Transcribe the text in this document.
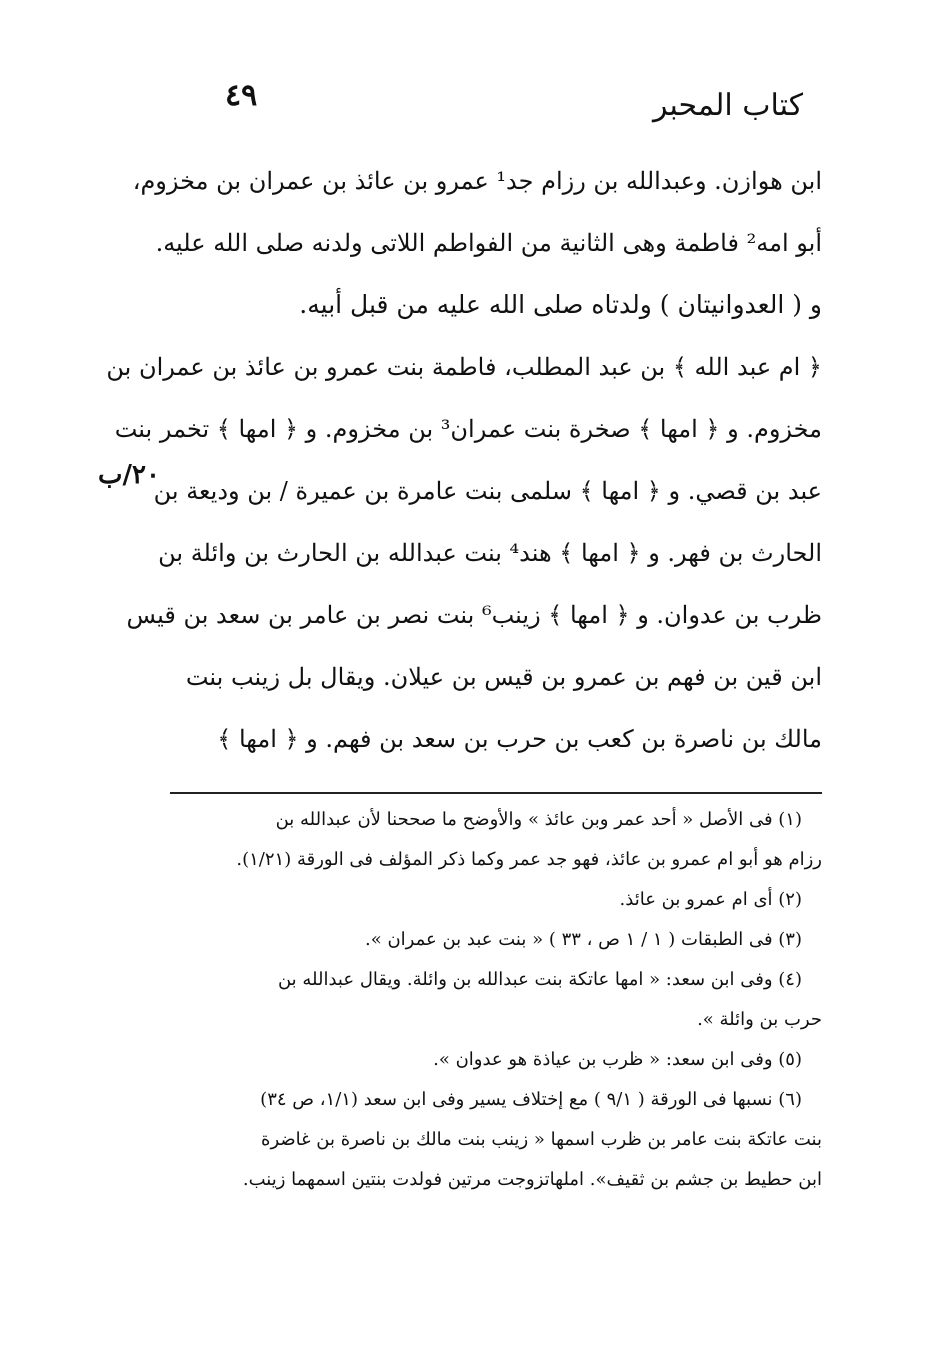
٤٩	كتاب المحبر
٢٠/ب
ابن هوازن. وعبدالله بن رزام جد¹ عمرو بن عائذ بن عمران بن مخزوم،
أبو امه² فاطمة وهى الثانية من الفواطم اللاتى ولدنه صلى الله عليه.
و ( العدوانيتان ) ولدتاه صلى الله عليه من قبل أبيه.
﴿ ام عبد الله ﴾ بن عبد المطلب، فاطمة بنت عمرو بن عائذ بن عمران بن
مخزوم. و ﴿ امها ﴾ صخرة بنت عمران³ بن مخزوم. و ﴿ امها ﴾ تخمر بنت
عبد بن قصي. و ﴿ امها ﴾ سلمى بنت عامرة بن عميرة / بن وديعة بن
الحارث بن فهر. و ﴿ امها ﴾ هند⁴ بنت عبدالله بن الحارث بن وائلة بن
ظرب بن عدوان. و ﴿ امها ﴾ زينب⁶ بنت نصر بن عامر بن سعد بن قيس
ابن قين بن فهم بن عمرو بن قيس بن عيلان. ويقال بل زينب بنت
مالك بن ناصرة بن كعب بن حرب بن سعد بن فهم. و ﴿ امها ﴾
(١) فى الأصل « أحد عمر وبن عائذ » والأوضح ما صححنا لأن عبدالله بن
رزام هو أبو ام عمرو بن عائذ، فهو جد عمر وكما ذكر المؤلف فى الورقة (١/٢١).
(٢) أى ام عمرو بن عائذ.
(٣) فى الطبقات ( ١ / ١ ص ، ٣٣ ) « بنت عبد بن عمران ».
(٤) وفى ابن سعد: « امها عاتكة بنت عبدالله بن وائلة. ويقال عبدالله بن
حرب بن وائلة ».
(٥) وفى ابن سعد: « ظرب بن عياذة هو عدوان ».
(٦) نسبها فى الورقة ( ٩/١ ) مع إختلاف يسير وفى ابن سعد (١/١، ص ٣٤)
بنت عاتكة بنت عامر بن ظرب اسمها « زينب بنت مالك بن ناصرة بن غاضرة
ابن حطيط بن جشم بن ثقيف». املهاتزوجت مرتين فولدت بنتين اسمهما زينب.
